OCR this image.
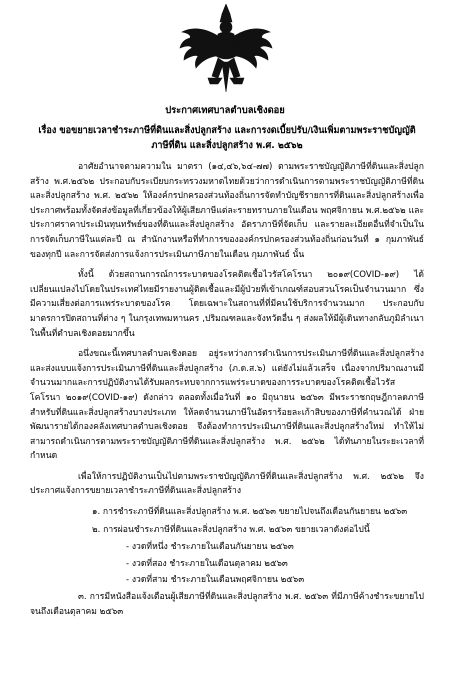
ประกาศเทศบาลตำบลเชิงดอย
เรื่อง ขอขยายเวลาชำระภาษีที่ดินและสิ่งปลูกสร้าง และการงดเบี้ยปรับ/เงินเพิ่มตามพระราชบัญญัติภาษีที่ดิน และสิ่งปลูกสร้าง พ.ศ. ๒๕๖๒

อาศัยอำนาจตามความใน มาตรา (๑๔,๔๖,๖๔-๗๗) ตามพระราชบัญญัติภาษีที่ดินและสิ่งปลูกสร้าง พ.ศ.๒๕๖๒ ประกอบกับระเบียบกระทรวงมหาดไทยด้วยว่าการดำเนินการตามพระราชบัญญัติภาษีที่ดินและสิ่งปลูกสร้าง พ.ศ. ๒๕๖๒ ให้องค์กรปกครองส่วนท้องถิ่นการจัดทำบัญชีรายการที่ดินและสิ่งปลูกสร้างเพื่อประกาศพร้อมทั้งจัดส่งข้อมูลที่เกี่ยวข้องให้ผู้เสียภาษีแต่ละรายทราบภายในเดือน พฤศจิกายน พ.ศ.๒๕๖๒ และประกาศราคาประเมินทุนทรัพย์ของที่ดินและสิ่งปลูกสร้าง อัตราภาษีที่จัดเก็บ และรายละเอียดอื่นที่จำเป็นในการจัดเก็บภาษีในแต่ละปี ณ สำนักงานหรือที่ทำการขององค์กรปกครองส่วนท้องถิ่นก่อนวันที่ ๑ กุมภาพันธ์ของทุกปี และการจัดส่งการแจ้งการประเมินภาษีภายในเดือน กุมภาพันธ์ นั้น

ทั้งนี้ ด้วยสถานการณ์การระบาดของโรคติดเชื้อไวรัสโคโรนา ๒๐๑๙(COVID-๑๙) ได้เปลี่ยนแปลงไปโดยในประเทศไทยมีรายงานผู้ติดเชื้อและมีผู้ป่วยที่เข้าเกณฑ์สอบสวนโรคเป็นจำนวนมาก ซึ่งมีความเสี่ยงต่อการแพร่ระบาดของโรค โดยเฉพาะในสถานที่ที่มีคนใช้บริการจำนวนมาก ประกอบกับมาตรการปิดสถานที่ต่าง ๆ ในกรุงเทพมหานคร ,ปริมณฑลและจังหวัดอื่น ๆ ส่งผลให้มีผู้เดินทางกลับภูมิลำเนาในพื้นที่ตำบลเชิงดอยมากขึ้น

อนึ่งขณะนี้เทศบาลตำบลเชิงดอย อยู่ระหว่างการดำเนินการประเมินภาษีที่ดินและสิ่งปลูกสร้างและส่งแบบแจ้งการประเมินภาษีที่ดินและสิ่งปลูกสร้าง (ภ.ด.ส.๖) แต่ยังไม่แล้วเสร็จ เนื่องจากปริมาณงานมีจำนวนมากและการปฏิบัติงานได้รับผลกระทบจากการแพร่ระบาดของการระบาดของโรคติดเชื้อไวรัสโคโรนา ๒๐๑๙(COVID-๑๙) ดังกล่าว ตลอดทั้งเมื่อวันที่ ๑๐ มิถุนายน ๒๕๖๓ มีพระราชกฤษฎีกาลดภาษีสำหรับที่ดินและสิ่งปลูกสร้างบางประเภท ให้ลดจำนวนภาษีในอัตราร้อยละเก้าสิบของภาษีที่คำนวณได้ ฝ่ายพัฒนารายได้กองคลังเทศบาลตำบลเชิงดอย จึงต้องทำการประเมินภาษีที่ดินและสิ่งปลูกสร้างใหม่ ทำให้ไม่สามารถดำเนินการตามพระราชบัญญัติภาษีที่ดินและสิ่งปลูกสร้าง พ.ศ. ๒๕๖๒ ได้ทันภายในระยะเวลาที่กำหนด

เพื่อให้การปฏิบัติงานเป็นไปตามพระราชบัญญัติภาษีที่ดินและสิ่งปลูกสร้าง พ.ศ. ๒๕๖๒ จึงประกาศแจ้งการขยายเวลาชำระภาษีที่ดินและสิ่งปลูกสร้าง

๑. การชำระภาษีที่ดินและสิ่งปลูกสร้าง พ.ศ. ๒๕๖๓ ขยายไปจนถึงเดือนกันยายน ๒๕๖๓

๒. การผ่อนชำระภาษีที่ดินและสิ่งปลูกสร้าง พ.ศ. ๒๕๖๓ ขยายเวลาดังต่อไปนี้

- งวดที่หนึ่ง ชำระภายในเดือนกันยายน ๒๕๖๓

- งวดที่สอง ชำระภายในเดือนตุลาคม ๒๕๖๓

- งวดที่สาม ชำระภายในเดือนพฤศจิกายน ๒๕๖๓

๓. การมีหนังสือแจ้งเตือนผู้เสียภาษีที่ดินและสิ่งปลูกสร้าง พ.ศ. ๒๕๖๓ ที่มีภาษีค้างชำระขยายไปจนถึงเดือนตุลาคม ๒๕๖๓
